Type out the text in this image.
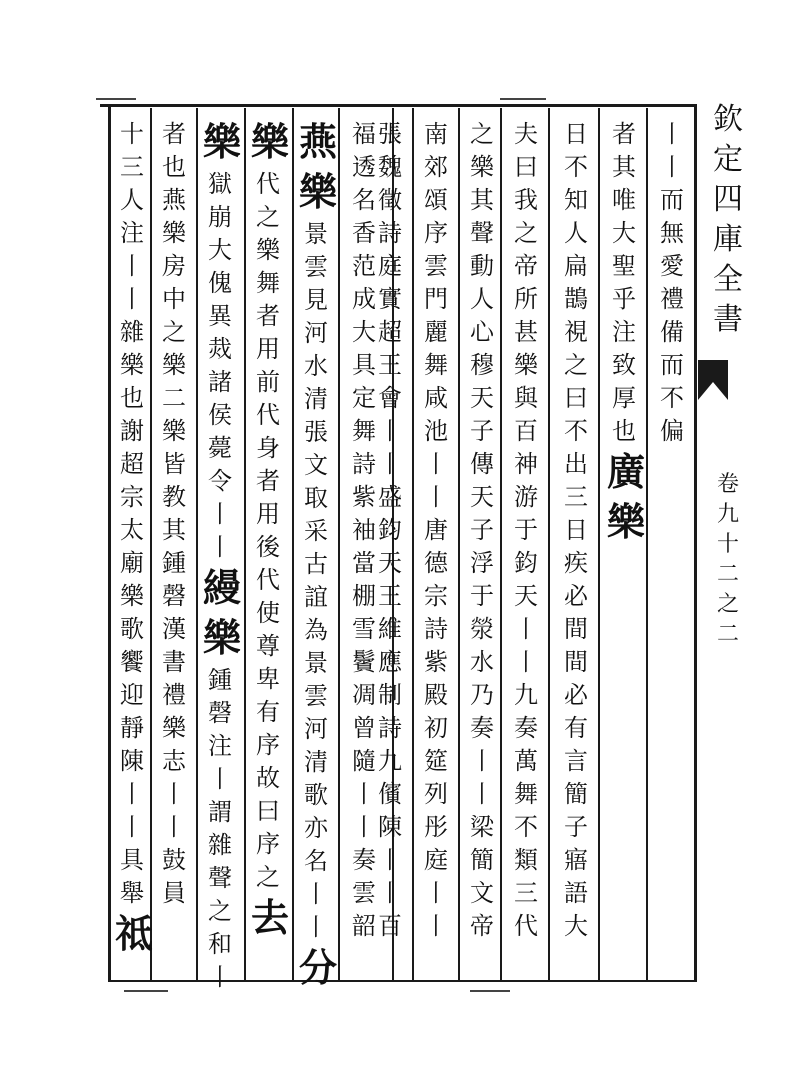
欽
定
四
庫
全
書
卷
九
十
二
之
二
丨
丨
而
無
愛
禮
備
而
不
偏
者
其
唯
大
聖
乎
注
致
厚
也
廣
樂
日
不
知
人
扁
鵲
視
之
曰
不
出
三
日
疾
必
間
間
必
有
言
簡
子
寤
語
大
夫
曰
我
之
帝
所
甚
樂
與
百
神
游
于
鈞
天
丨
丨
九
奏
萬
舞
不
類
三
代
之
樂
其
聲
動
人
心
穆
天
子
傳
天
子
浮
于
滎
水
乃
奏
丨
丨
梁
簡
文
帝
南
郊
頌
序
雲
門
麗
舞
咸
池
丨
丨
唐
德
宗
詩
紫
殿
初
筵
列
彤
庭
丨
丨
張
魏
徵
詩
庭
實
超
王
會
丨
丨
盛
鈞
天
王
維
應
制
詩
九
儐
陳
丨
丨
百
福
透
名
香
范
成
大
具
定
舞
詩
紫
袖
當
棚
雪
鬢
凋
曾
隨
丨
丨
奏
雲
韶
燕
樂
景
雲
見
河
水
清
張
文
取
采
古
誼
為
景
雲
河
清
歌
亦
名
丨
丨
分
樂
代
之
樂
舞
者
用
前
代
身
者
用
後
代
使
尊
卑
有
序
故
曰
序
之
去
樂
獄
崩
大
傀
異
烖
諸
侯
薨
令
丨
丨
縵
樂
鍾
磬
注
丨
謂
雜
聲
之
和
丨
者
也
燕
樂
房
中
之
樂
二
樂
皆
教
其
鍾
磬
漢
書
禮
樂
志
丨
丨
鼓
員
十
三
人
注
丨
丨
雜
樂
也
謝
超
宗
太
廟
樂
歌
饗
迎
靜
陳
丨
丨
具
舉
祗
